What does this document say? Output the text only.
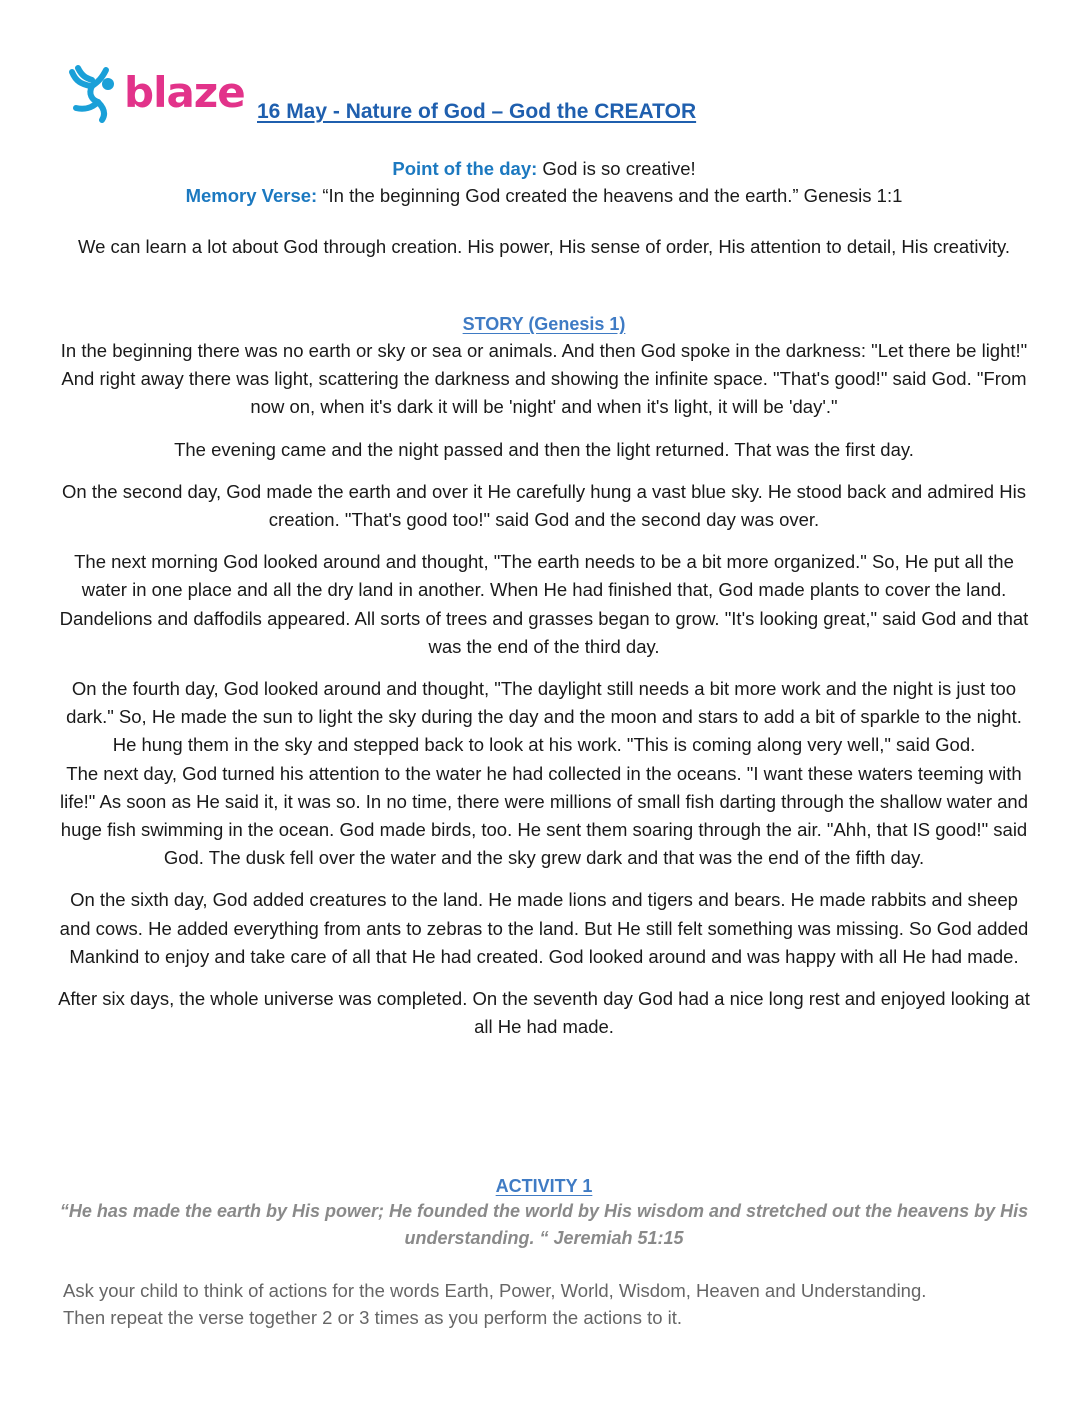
blaze 16 May - Nature of God – God the CREATOR
Point of the day: God is so creative!
Memory Verse: “In the beginning God created the heavens and the earth.” Genesis 1:1
We can learn a lot about God through creation. His power, His sense of order, His attention to detail, His creativity.
STORY (Genesis 1)

In the beginning there was no earth or sky or sea or animals. And then God spoke in the darkness: "Let there be light!" And right away there was light, scattering the darkness and showing the infinite space. "That's good!" said God. "From now on, when it's dark it will be 'night' and when it's light, it will be 'day'."

The evening came and the night passed and then the light returned. That was the first day.

On the second day, God made the earth and over it He carefully hung a vast blue sky. He stood back and admired His creation. "That's good too!" said God and the second day was over.

The next morning God looked around and thought, "The earth needs to be a bit more organized." So, He put all the water in one place and all the dry land in another. When He had finished that, God made plants to cover the land. Dandelions and daffodils appeared. All sorts of trees and grasses began to grow. "It's looking great," said God and that was the end of the third day.

On the fourth day, God looked around and thought, "The daylight still needs a bit more work and the night is just too dark." So, He made the sun to light the sky during the day and the moon and stars to add a bit of sparkle to the night. He hung them in the sky and stepped back to look at his work. "This is coming along very well," said God.

The next day, God turned his attention to the water he had collected in the oceans. "I want these waters teeming with life!" As soon as He said it, it was so. In no time, there were millions of small fish darting through the shallow water and huge fish swimming in the ocean. God made birds, too. He sent them soaring through the air. "Ahh, that IS good!" said God. The dusk fell over the water and the sky grew dark and that was the end of the fifth day.

On the sixth day, God added creatures to the land. He made lions and tigers and bears. He made rabbits and sheep and cows. He added everything from ants to zebras to the land. But He still felt something was missing. So God added Mankind to enjoy and take care of all that He had created. God looked around and was happy with all He had made.

After six days, the whole universe was completed. On the seventh day God had a nice long rest and enjoyed looking at all He had made.

ACTIVITY 1
“He has made the earth by His power; He founded the world by His wisdom and stretched out the heavens by His understanding. “ Jeremiah 51:15

Ask your child to think of actions for the words Earth, Power, World, Wisdom, Heaven and Understanding.

Then repeat the verse together 2 or 3 times as you perform the actions to it.
